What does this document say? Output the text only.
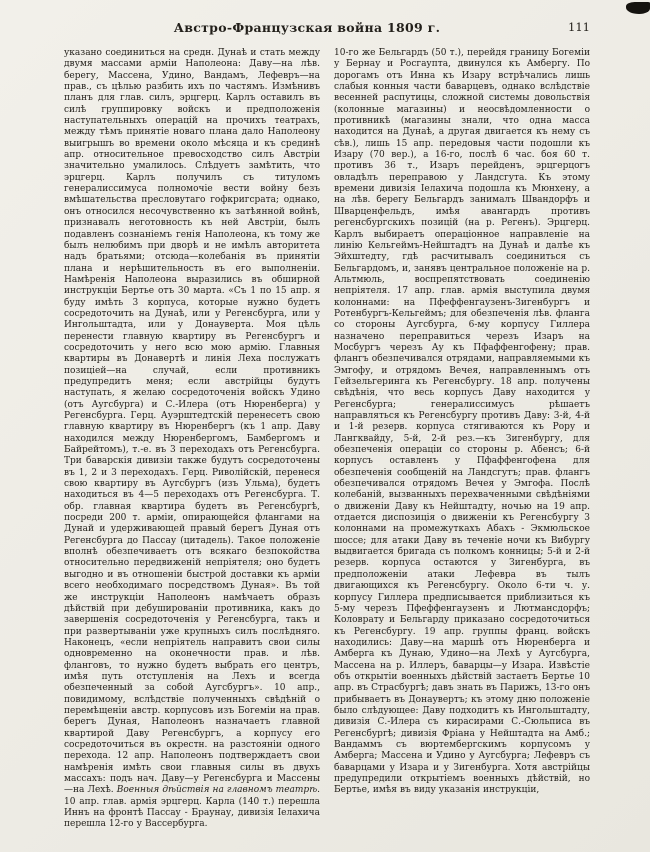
Австро-Французская война 1809 г.	111
указано соединиться на средн. Дунаѣ и стать между двумя массами арміи Наполеона: Даву—на лѣв. берегу, Массена, Удино, Вандамъ, Лефевръ—на прав., съ цѣлью разбить ихъ по частямъ. Измѣнивъ планъ для глав. силъ, эрцгерц. Карлъ оставилъ въ силѣ группировку войскъ и предположенія наступательныхъ операцій на прочихъ театрахъ, между тѣмъ принятіе новаго плана дало Наполеону выигрышъ во времени около мѣсяца и къ срединѣ апр. относительное превосходство силъ Австріи значительно умалилось. Слѣдуетъ замѣтить, что эрцгерц. Карлъ получилъ съ титуломъ генералиссимуса полномочіе вести войну безъ вмѣшательства пресловутаго гофкригсрата; однако, онъ относился несочувственно къ затѣянной войнѣ, признавалъ неготовность къ ней Австріи, былъ подавленъ сознаніемъ генія Наполеона, къ тому же былъ нелюбимъ при дворѣ и не имѣлъ авторитета надъ братьями; отсюда—колебанія въ принятіи плана и нерѣшительность въ его выполненіи. Намѣренія Наполеона выразились въ обширной инструкціи Бертье отъ 30 марта. «Съ 1 по 15 апр. я буду имѣть 3 корпуса, которые нужно будетъ сосредоточить на Дунаѣ, или у Регенсбурга, или у Ингольштадта, или у Донауверта. Моя цѣль перенести главную квартиру въ Регенсбургъ и сосредоточить у него всю мою армію. Главныя квартиры въ Донавертѣ и линія Леха послужатъ позиціей—на случай, если противникъ предупредитъ меня; если австрійцы будутъ наступать, я желаю сосредоточенія войскъ Удино (отъ Аугсбурга) и С.-Илера (отъ Нюренберга) у Регенсбурга. Герц. Ауэрштедтскій перенесетъ свою главную квартиру въ Нюренбергъ (къ 1 апр. Даву находился между Нюренбергомъ, Бамбергомъ и Байрейтомъ), т.-е. въ 3 переходахъ отъ Регенсбурга. Три баварскія дивизіи также будутъ сосредоточены въ 1, 2 и 3 переходахъ. Герц. Риволійскій, перенеся свою квартиру въ Аугсбургъ (изъ Ульма), будетъ находиться въ 4—5 переходахъ отъ Регенсбурга. Т. обр. главная квартира будетъ въ Регенсбургѣ, посреди 200 т. арміи, опирающейся флангами на Дунай и удерживающей правый берегъ Дуная отъ Регенсбурга до Пассау (цитадель). Такое положеніе вполнѣ обезпечиваетъ отъ всякаго безпокойства относительно передвиженій непріятеля; оно будетъ выгодно и въ отношеніи быстрой доставки къ арміи всего необходимаго посредствомъ Дуная». Въ той же инструкціи Наполеонъ намѣчаетъ образъ дѣйствій при дебушированіи противника, какъ до завершенія сосредоточенія у Регенсбурга, такъ и при развертываніи уже крупныхъ силъ послѣдняго. Наконецъ, «если непріятель направитъ свои силы одновременно на оконечности прав. и лѣв. фланговъ, то нужно будетъ выбрать его центръ, имѣя путь отступленія на Лехъ и всегда обезпеченный за собой Аугсбургъ». 10 апр., повидимому, вслѣдствіе полученныхъ свѣдѣній о перемѣщеніи австр. корпусовъ изъ Богеміи на прав. берегъ Дуная, Наполеонъ назначаетъ главной квартирой Даву Регенсбургъ, а корпусу его сосредоточиться въ окрестн. на разстояніи одного перехода. 12 апр. Наполеонъ подтверждаетъ свои намѣренія имѣть свои главныя силы въ двухъ массахъ: подъ нач. Даву—у Регенсбурга и Массены—на Лехѣ. Военныя дѣйствія на главномъ театрѣ. 10 апр. глав. армія эрцгерц. Карла (140 т.) перешла Иннъ на фронтѣ Пассау - Браунау, дивизія Іелахича перешла 12-го у Вассербурга.
10-го же Бельгардъ (50 т.), перейдя границу Богеміи у Бернау и Росгаупта, двинулся къ Амбергу. По дорогамъ отъ Инна къ Изару встрѣчались лишь слабыя конныя части баварцевъ, однако вслѣдствіе весенней распутицы, сложной системы довольствія (колонные магазины) и неосвѣдомленности о противникѣ (магазины знали, что одна масса находится на Дунаѣ, а другая двигается къ нему съ сѣв.), лишь 15 апр. передовыя части подошли къ Изару (70 вер.), а 16-го, послѣ 6 час. боя 60 т. противъ 36 т., Изаръ перейденъ, эрцгерцогъ овладѣлъ переправою у Ландсгута. Къ этому времени дивизія Іелахича подошла къ Мюнхену, а на лѣв. берегу Бельгардъ занималъ Швандорфъ и Шварценфельдъ, имѣя авангардъ противъ регенсбургскихъ позицій (на р. Регенъ). Эрцгерц. Карлъ выбираетъ операціонное направленіе на линію Кельгеймъ-Нейштадтъ на Дунаѣ и далѣе къ Эйхштедту, гдѣ расчитывалъ соединиться съ Бельгардомъ, и, занявъ центральное положеніе на р. Альтмюль, воспрепятствовать соединенію непріятеля. 17 апр. глав. армія выступила двумя колоннами: на Пфеффенгаузенъ-Зигенбургъ и Ротенбургъ-Кельгеймъ; для обезпеченія лѣв. фланга со стороны Аугсбурга, 6-му корпусу Гиллера назначено переправиться черезъ Изаръ на Мосбургъ черезъ Ау къ Пфаффенгофену; прав. флангъ обезпечивался отрядами, направляемыми къ Эмгофу, и отрядомъ Вечея, направленнымъ отъ Гейзельгеринга къ Регенсбургу. 18 апр. получены свѣдѣнія, что весь корпусъ Даву находится у Регенсбурга; генералиссимусъ рѣшаетъ направляться къ Регенсбургу противъ Даву: 3-й, 4-й и 1-й резерв. корпуса стягиваются къ Рору и Лангквайду, 5-й, 2-й рез.—къ Зигенбургу, для обезпеченія операціи со стороны р. Абенсъ; 6-й корпусъ оставленъ у Пфаффенгофена для обезпеченія сообщеній на Ландсгутъ; прав. флангъ обезпечивался отрядомъ Вечея у Эмгофа. Послѣ колебаній, вызванныхъ перехваченными свѣдѣніями о движеніи Даву къ Нейштадту, ночью на 19 апр. отдается диспозиція о движеніи къ Регенсбургу 3 колоннами на промежуткахъ Абахъ - Экмюльское шоссе; для атаки Даву въ теченіе ночи къ Вибургу выдвигается бригада съ полкомъ конницы; 5-й и 2-й резерв. корпуса остаются у Зигенбурга, въ предположеніи атаки Лефевра въ тылъ двигающихся къ Регенсбургу. Около 6-ти ч. у. корпусу Гиллера предписывается приблизиться къ 5-му черезъ Пфеффенгаузенъ и Лютмансдорфъ; Коловрату и Бельгарду приказано сосредоточиться къ Регенсбургу. 19 апр. группы франц. войскъ находились: Даву—на маршѣ отъ Нюренберга и Амберга къ Дунаю, Удино—на Лехѣ у Аугсбурга, Массена на р. Иллеръ, баварцы—у Изара. Извѣстіе объ открытіи военныхъ дѣйствій застаетъ Бертье 10 апр. въ Страсбургѣ; давъ знать въ Парижъ, 13-го онъ прибываетъ въ Донаувертъ; къ этому дню положеніе было слѣдующее: Даву подходитъ къ Ингольштадту, дивизія С.-Илера съ кирасирами С.-Сюльписа въ Регенсбургѣ; дивизія Фріана у Нейштадта на Амб.; Вандаммъ съ вюртембергскимъ корпусомъ у Амберга; Массена и Удино у Аугсбурга; Лефевръ съ баварцами у Изара и у Зигенбурга. Хотя австрійцы предупредили открытіемъ военныхъ дѣйствій, но Бертье, имѣя въ виду указанія инструкціи,
